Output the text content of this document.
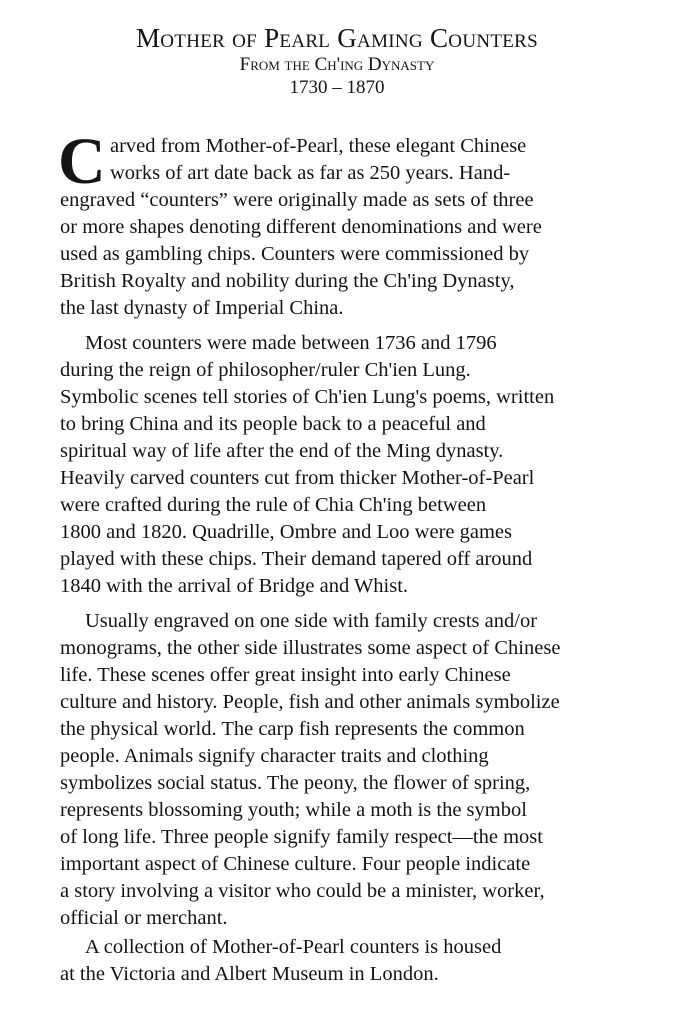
Mother of Pearl Gaming Counters
From the Ch'ing Dynasty
1730 – 1870
C arved from Mother-of-Pearl, these elegant Chinese
works of art date back as far as 250 years. Hand-
engraved “counters” were originally made as sets of three
or more shapes denoting different denominations and were
used as gambling chips. Counters were commissioned by
British Royalty and nobility during the Ch'ing Dynasty,
the last dynasty of Imperial China.
Most counters were made between 1736 and 1796
during the reign of philosopher/ruler Ch'ien Lung.
Symbolic scenes tell stories of Ch'ien Lung's poems, written
to bring China and its people back to a peaceful and
spiritual way of life after the end of the Ming dynasty.
Heavily carved counters cut from thicker Mother-of-Pearl
were crafted during the rule of Chia Ch'ing between
1800 and 1820. Quadrille, Ombre and Loo were games
played with these chips. Their demand tapered off around
1840 with the arrival of Bridge and Whist.
Usually engraved on one side with family crests and/or
monograms, the other side illustrates some aspect of Chinese
life. These scenes offer great insight into early Chinese
culture and history. People, fish and other animals symbolize
the physical world. The carp fish represents the common
people. Animals signify character traits and clothing
symbolizes social status. The peony, the flower of spring,
represents blossoming youth; while a moth is the symbol
of long life. Three people signify family respect—the most
important aspect of Chinese culture. Four people indicate
a story involving a visitor who could be a minister, worker,
official or merchant.
A collection of Mother-of-Pearl counters is housed
at the Victoria and Albert Museum in London.
